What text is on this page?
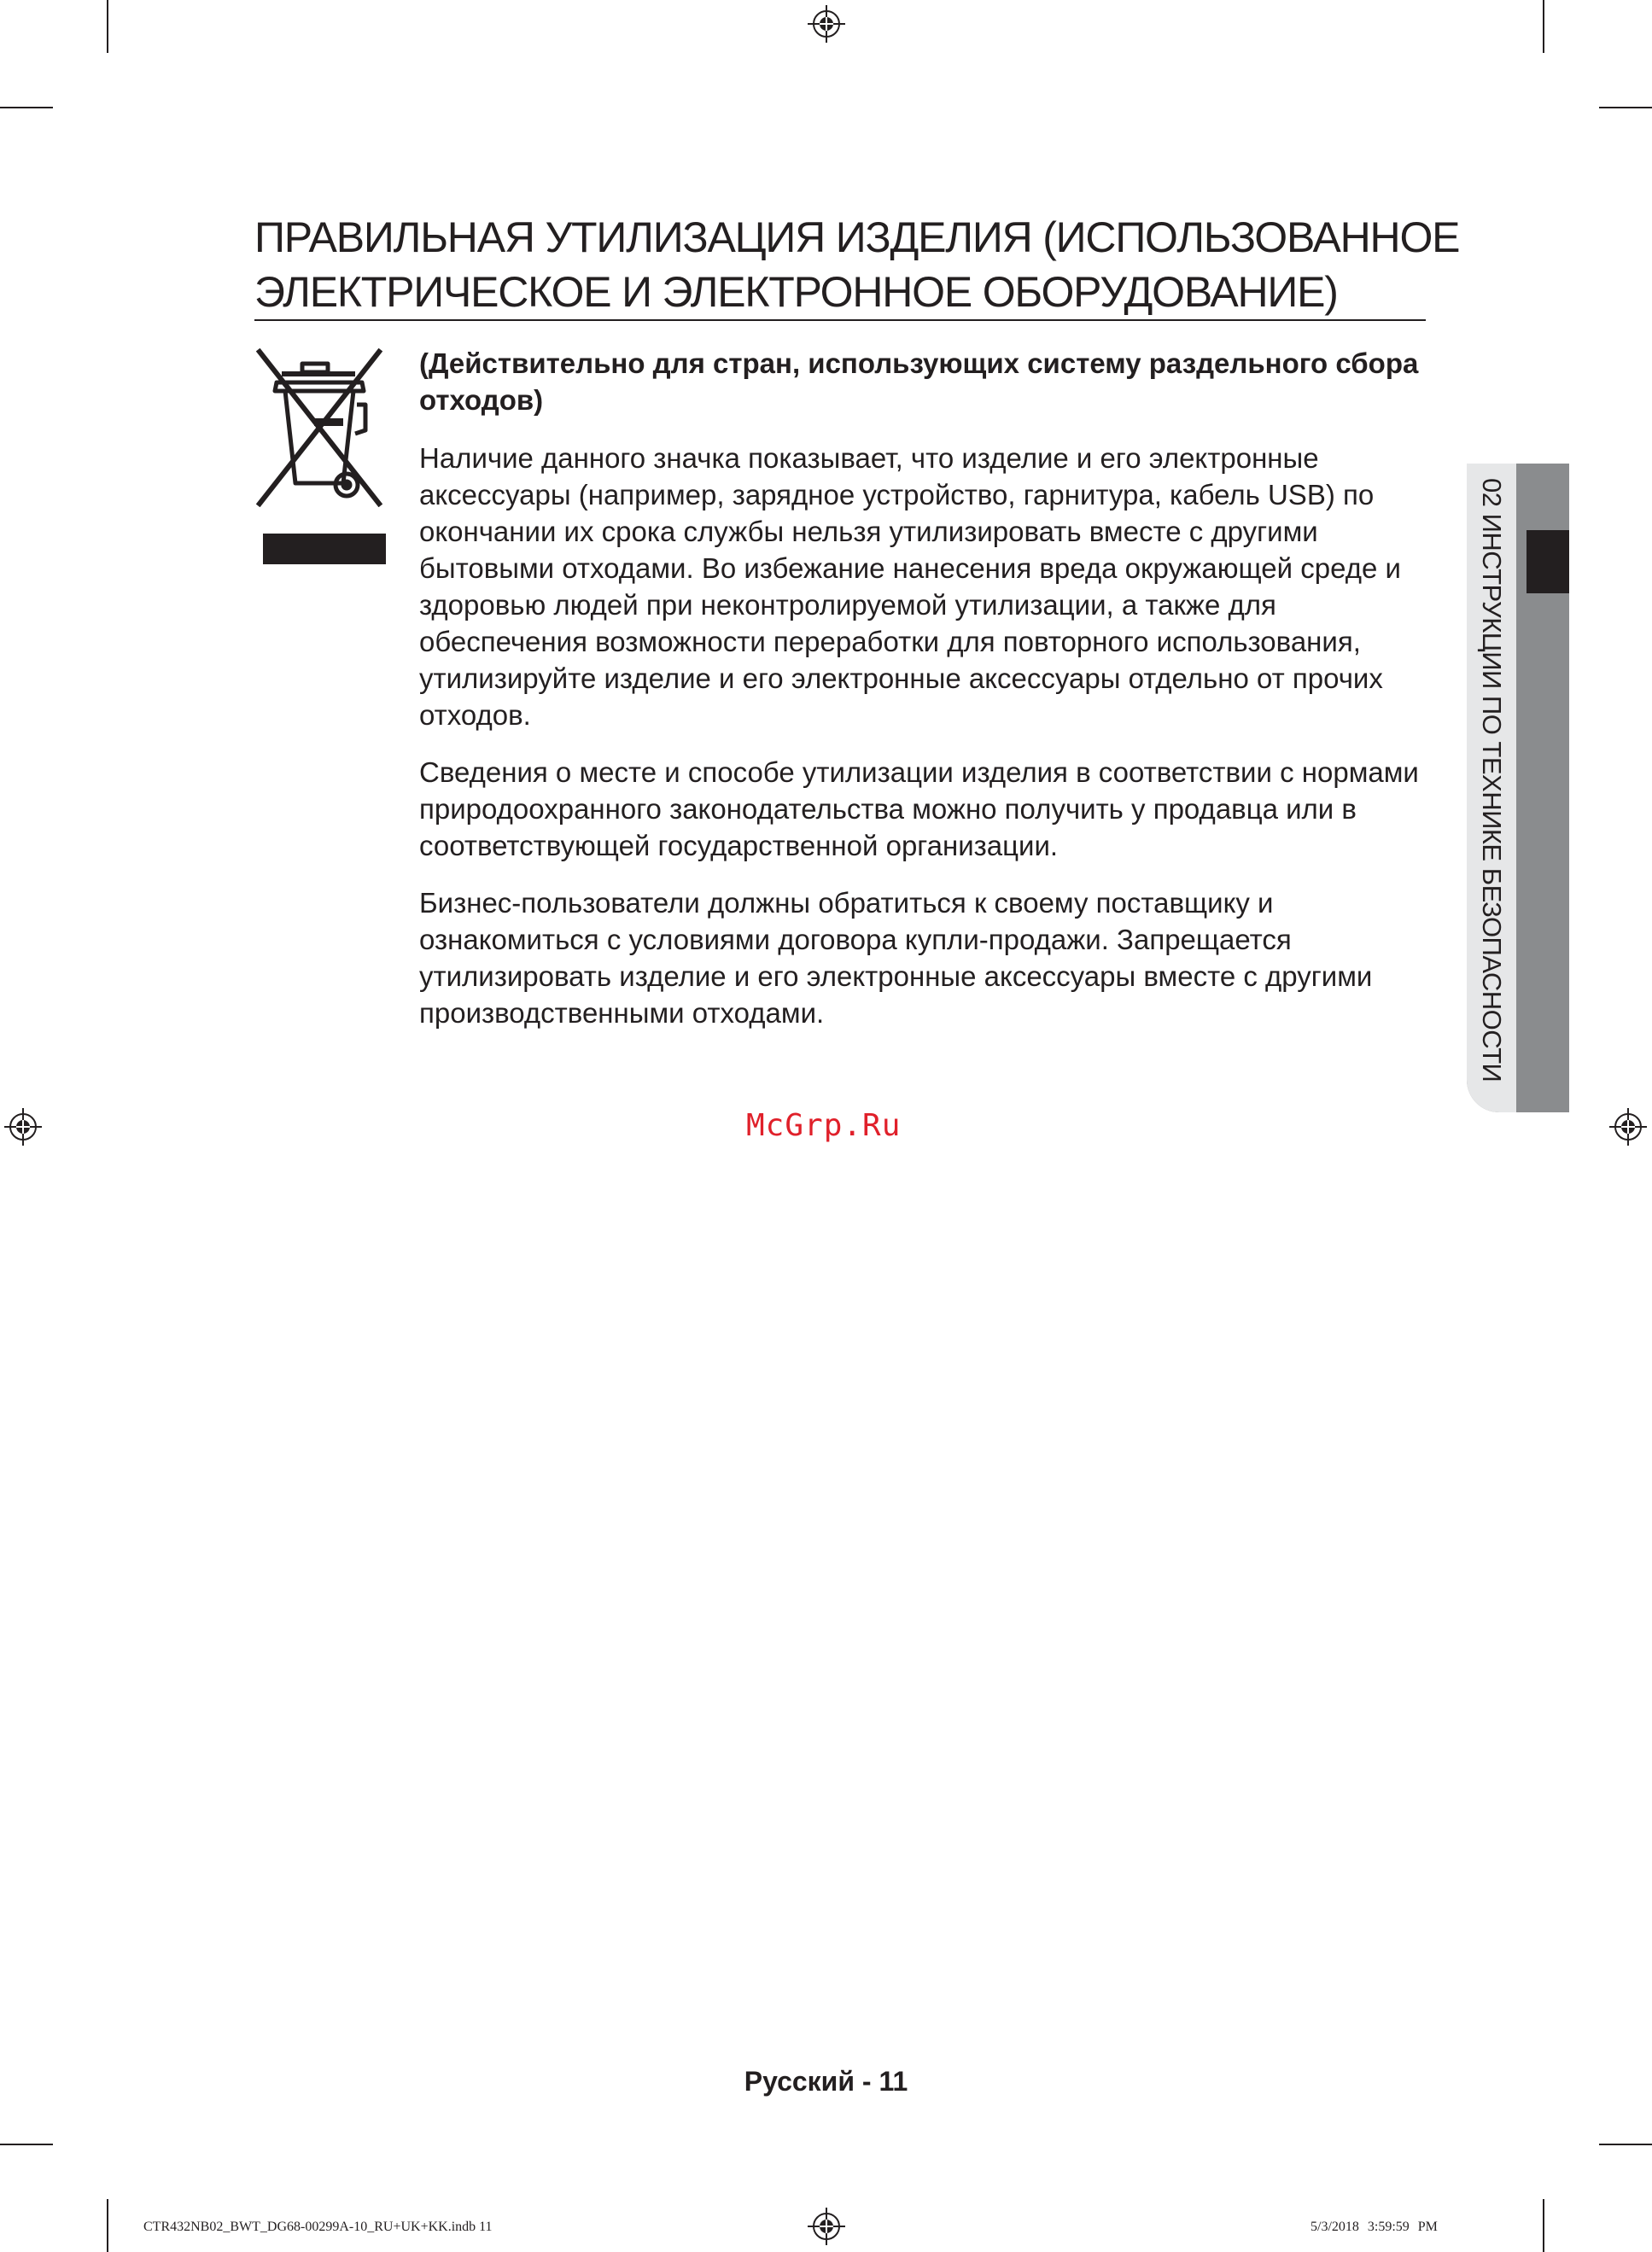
ПРАВИЛЬНАЯ УТИЛИЗАЦИЯ ИЗДЕЛИЯ (ИСПОЛЬЗОВАННОЕ
ЭЛЕКТРИЧЕСКОЕ И ЭЛЕКТРОННОЕ ОБОРУДОВАНИЕ)

(Действительно для стран, использующих систему раздельного сбора отходов)

Наличие данного значка показывает, что изделие и его электронные аксессуары (например, зарядное устройство, гарнитура, кабель USB) по окончании их срока службы нельзя утилизировать вместе с другими бытовыми отходами. Во избежание нанесения вреда окружающей среде и здоровью людей при неконтролируемой утилизации, а также для обеспечения возможности переработки для повторного использования, утилизируйте изделие и его электронные аксессуары отдельно от прочих отходов.

Сведения о месте и способе утилизации изделия в соответствии с нормами природоохранного законодательства можно получить у продавца или в соответствующей государственной организации.

Бизнес-пользователи должны обратиться к своему поставщику и ознакомиться с условиями договора купли-продажи. Запрещается утилизировать изделие и его электронные аксессуары вместе с другими производственными отходами.	02 ИНСТРУКЦИИ ПО ТЕХНИКЕ БЕЗОПАСНОСТИ
McGrp.Ru
Русский - 11
CTR432NB02_BWT_DG68-00299A-10_RU+UK+KK.indb 11	5/3/2018 3:59:59 PM
